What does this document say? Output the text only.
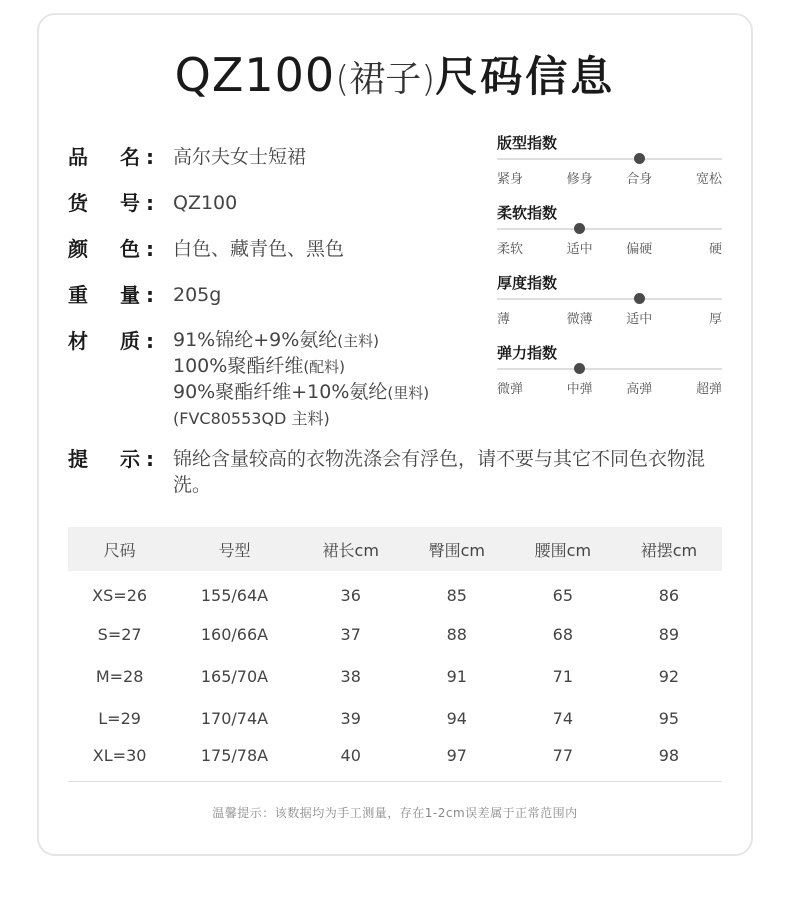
QZ100(裙子)尺码信息
品　名: 高尔夫女士短裙
货　号: QZ100
颜　色: 白色、藏青色、黑色
重　量: 205g
材　质: 91%锦纶+9%氨纶(主料)
100%聚酯纤维(配料)
90%聚酯纤维+10%氨纶(里料)
(FVC80553QD 主料)
提　示: 锦纶含量较高的衣物洗涤会有浮色，请不要与其它不同色衣物混洗。
版型指数
紧身	修身	合身	宽松
柔软指数
柔软	适中	偏硬	硬
厚度指数
薄	微薄	适中	厚
弹力指数
微弹	中弹	高弹	超弹
尺码	号型	裙长cm	臀围cm	腰围cm	裙摆cm
XS=26	155/64A	36	85	65	86
S=27	160/66A	37	88	68	89
M=28	165/70A	38	91	71	92
L=29	170/74A	39	94	74	95
XL=30	175/78A	40	97	77	98
温馨提示：该数据均为手工测量，存在1-2cm误差属于正常范围内
